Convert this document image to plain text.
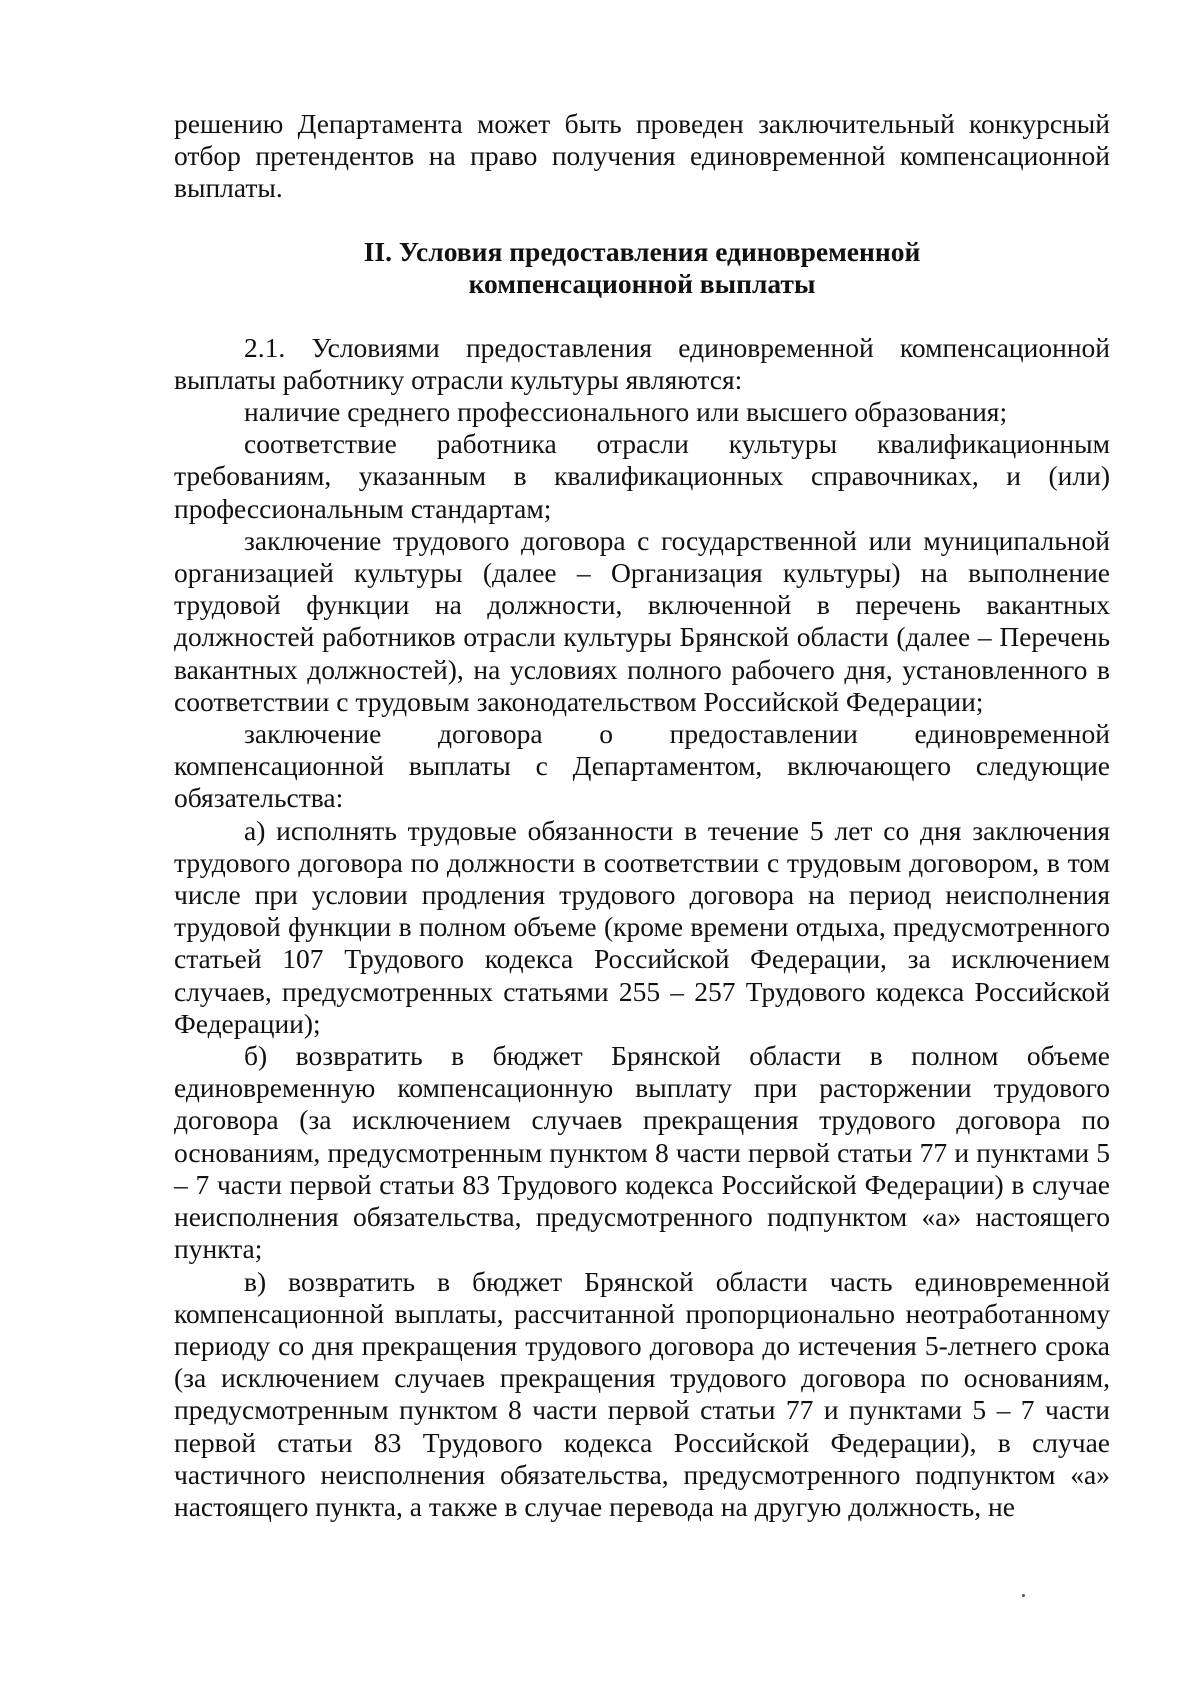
решению Департамента может быть проведен заключительный конкурсный отбор претендентов на право получения единовременной компенсационной выплаты.

II. Условия предоставления единовременной
компенсационной выплаты

2.1. Условиями предоставления единовременной компенсационной выплаты работнику отрасли культуры являются:

наличие среднего профессионального или высшего образования;

соответствие работника отрасли культуры квалификационным требованиям, указанным в квалификационных справочниках, и (или) профессиональным стандартам;

заключение трудового договора с государственной или муниципальной организацией культуры (далее – Организация культуры) на выполнение трудовой функции на должности, включенной в перечень вакантных должностей работников отрасли культуры Брянской области (далее – Перечень вакантных должностей), на условиях полного рабочего дня, установленного в соответствии с трудовым законодательством Российской Федерации;

заключение договора о предоставлении единовременной компенсационной выплаты с Департаментом, включающего следующие обязательства:

а) исполнять трудовые обязанности в течение 5 лет со дня заключения трудового договора по должности в соответствии с трудовым договором, в том числе при условии продления трудового договора на период неисполнения трудовой функции в полном объеме (кроме времени отдыха, предусмотренного статьей 107 Трудового кодекса Российской Федерации, за исключением случаев, предусмотренных статьями 255 – 257 Трудового кодекса Российской Федерации);

б) возвратить в бюджет Брянской области в полном объеме единовременную компенсационную выплату при расторжении трудового договора (за исключением случаев прекращения трудового договора по основаниям, предусмотренным пунктом 8 части первой статьи 77 и пунктами 5 – 7 части первой статьи 83 Трудового кодекса Российской Федерации) в случае неисполнения обязательства, предусмотренного подпунктом «а» настоящего пункта;

в) возвратить в бюджет Брянской области часть единовременной компенсационной выплаты, рассчитанной пропорционально неотработанному периоду со дня прекращения трудового договора до истечения 5-летнего срока (за исключением случаев прекращения трудового договора по основаниям, предусмотренным пунктом 8 части первой статьи 77 и пунктами 5 – 7 части первой статьи 83 Трудового кодекса Российской Федерации), в случае частичного неисполнения обязательства, предусмотренного подпунктом «а» настоящего пункта, а также в случае перевода на другую должность, не
